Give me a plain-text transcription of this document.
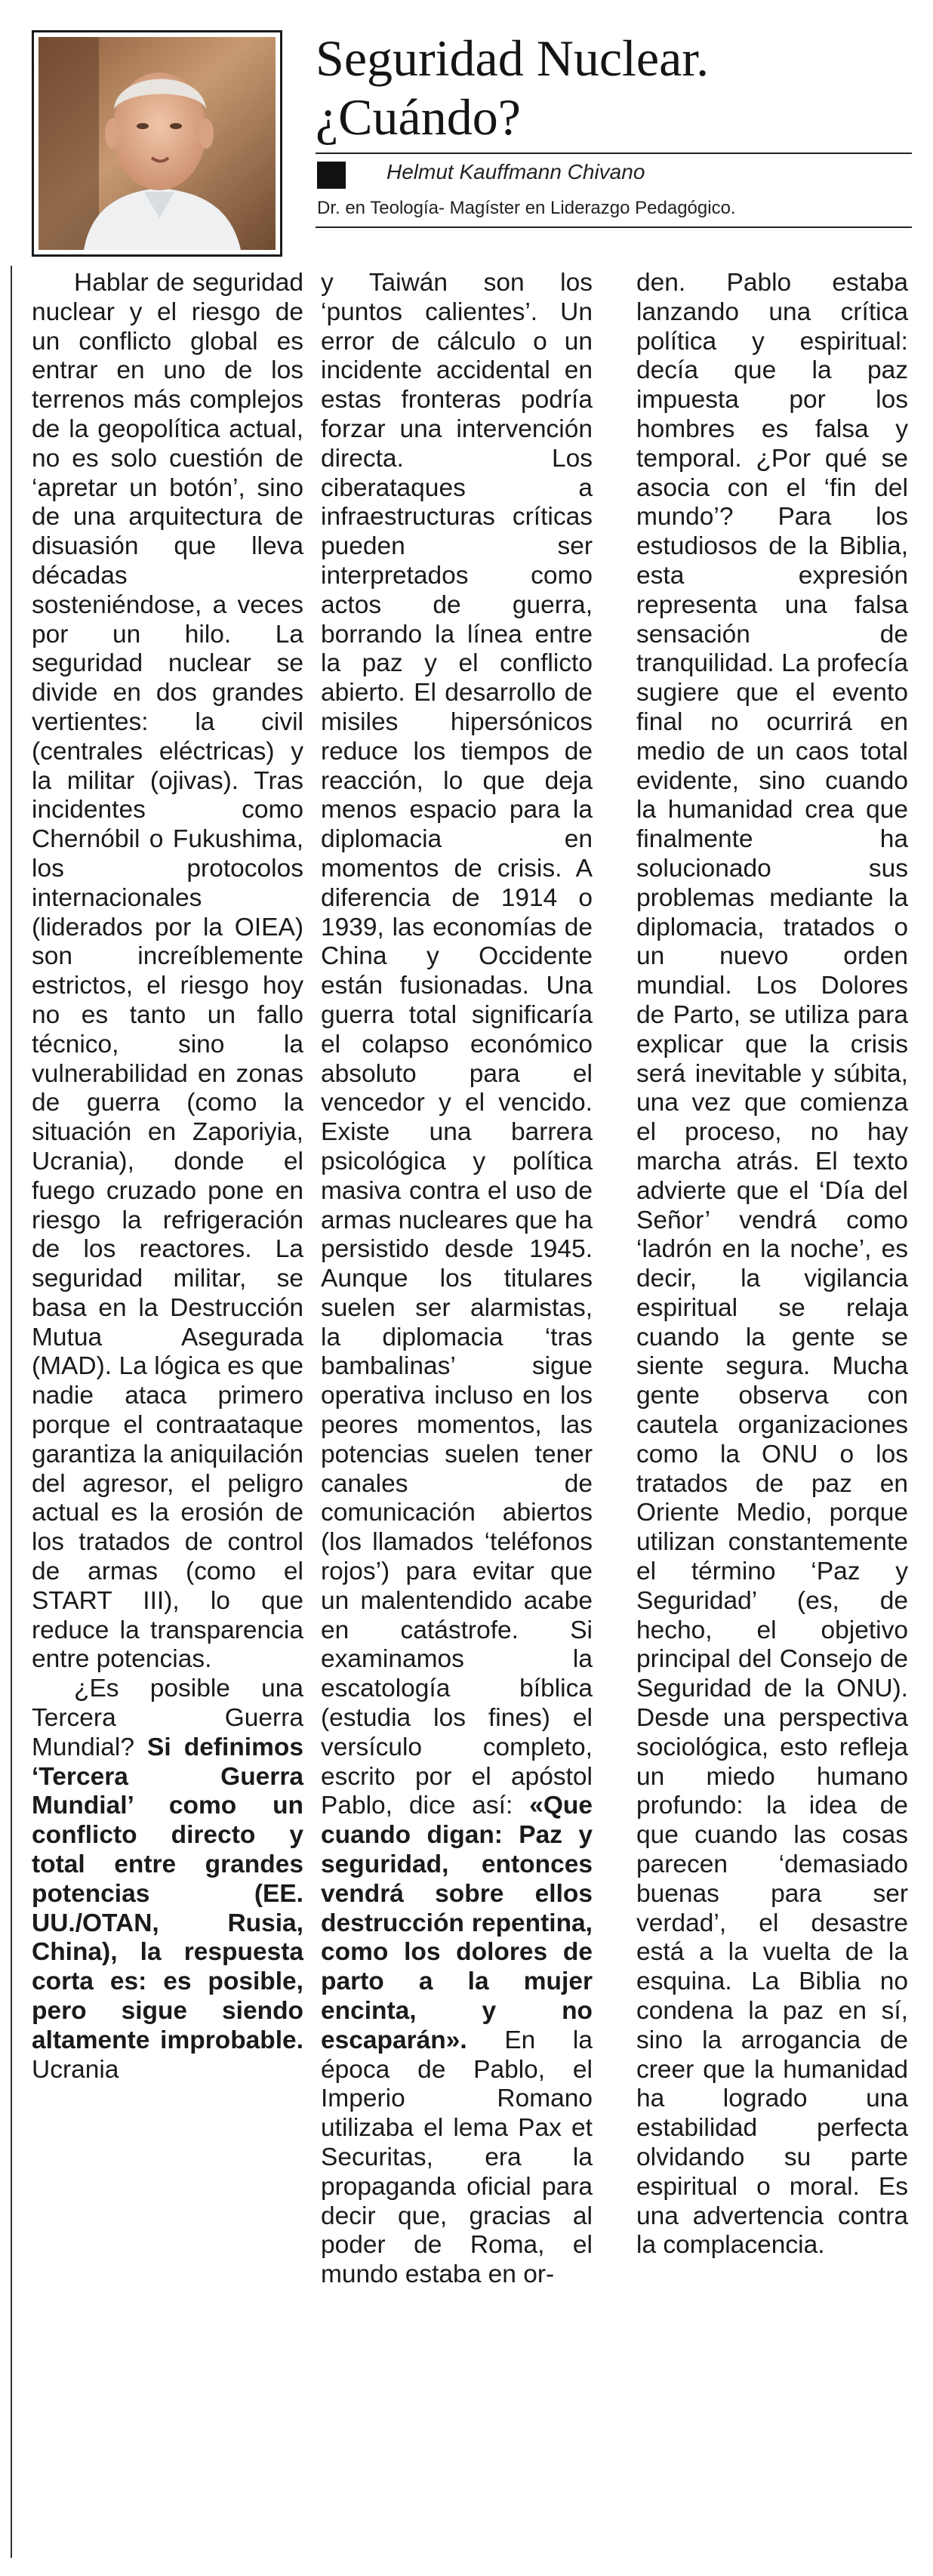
Seguridad Nuclear.
¿Cuándo?
Helmut Kauffmann Chivano
Dr. en Teología- Magíster en Liderazgo Pedagógico.

Hablar de seguridad nuclear y el riesgo de un conflicto global es entrar en uno de los terrenos más complejos de la geopolítica actual, no es solo cuestión de ‘apretar un botón’, sino de una arquitectura de disuasión que lleva décadas sosteniéndose, a veces por un hilo. La seguridad nuclear se divide en dos grandes vertientes: la civil (centrales eléctricas) y la militar (ojivas). Tras incidentes como Chernóbil o Fukushima, los protocolos internacionales (liderados por la OIEA) son increíblemente estrictos, el riesgo hoy no es tanto un fallo técnico, sino la vulnerabilidad en zonas de guerra (como la situación en Zaporiyia, Ucrania), donde el fuego cruzado pone en riesgo la refrigeración de los reactores. La seguridad militar, se basa en la Destrucción Mutua Asegurada (MAD). La lógica es que nadie ataca primero porque el contraataque garantiza la aniquilación del agresor, el peligro actual es la erosión de los tratados de control de armas (como el START III), lo que reduce la transparencia entre potencias.

¿Es posible una Tercera Guerra Mundial? Si definimos ‘Tercera Guerra Mundial’ como un conflicto directo y total entre grandes potencias (EE. UU./OTAN, Rusia, China), la respuesta corta es: es posible, pero sigue siendo altamente improbable. Ucrania

y Taiwán son los ‘puntos calientes’. Un error de cálculo o un incidente accidental en estas fronteras podría forzar una intervención directa. Los ciberataques a infraestructuras críticas pueden ser interpretados como actos de guerra, borrando la línea entre la paz y el conflicto abierto. El desarrollo de misiles hipersónicos reduce los tiempos de reacción, lo que deja menos espacio para la diplomacia en momentos de crisis. A diferencia de 1914 o 1939, las economías de China y Occidente están fusionadas. Una guerra total significaría el colapso económico absoluto para el vencedor y el vencido. Existe una barrera psicológica y política masiva contra el uso de armas nucleares que ha persistido desde 1945. Aunque los titulares suelen ser alarmistas, la diplomacia ‘tras bambalinas’ sigue operativa incluso en los peores momentos, las potencias suelen tener canales de comunicación abiertos (los llamados ‘teléfonos rojos’) para evitar que un malentendido acabe en catástrofe. Si examinamos la escatología bíblica (estudia los fines) el versículo completo, escrito por el apóstol Pablo, dice así: «Que cuando digan: Paz y seguridad, entonces vendrá sobre ellos destrucción repentina, como los dolores de parto a la mujer encinta, y no escaparán». En la época de Pablo, el Imperio Romano utilizaba el lema Pax et Securitas, era la propaganda oficial para decir que, gracias al poder de Roma, el mundo estaba en or-

den. Pablo estaba lanzando una crítica política y espiritual: decía que la paz impuesta por los hombres es falsa y temporal. ¿Por qué se asocia con el ‘fin del mundo’? Para los estudiosos de la Biblia, esta expresión representa una falsa sensación de tranquilidad. La profecía sugiere que el evento final no ocurrirá en medio de un caos total evidente, sino cuando la humanidad crea que finalmente ha solucionado sus problemas mediante la diplomacia, tratados o un nuevo orden mundial. Los Dolores de Parto, se utiliza para explicar que la crisis será inevitable y súbita, una vez que comienza el proceso, no hay marcha atrás. El texto advierte que el ‘Día del Señor’ vendrá como ‘ladrón en la noche’, es decir, la vigilancia espiritual se relaja cuando la gente se siente segura. Mucha gente observa con cautela organizaciones como la ONU o los tratados de paz en Oriente Medio, porque utilizan constantemente el término ‘Paz y Seguridad’ (es, de hecho, el objetivo principal del Consejo de Seguridad de la ONU). Desde una perspectiva sociológica, esto refleja un miedo humano profundo: la idea de que cuando las cosas parecen ‘demasiado buenas para ser verdad’, el desastre está a la vuelta de la esquina. La Biblia no condena la paz en sí, sino la arrogancia de creer que la humanidad ha logrado una estabilidad perfecta olvidando su parte espiritual o moral. Es una advertencia contra la complacencia.
